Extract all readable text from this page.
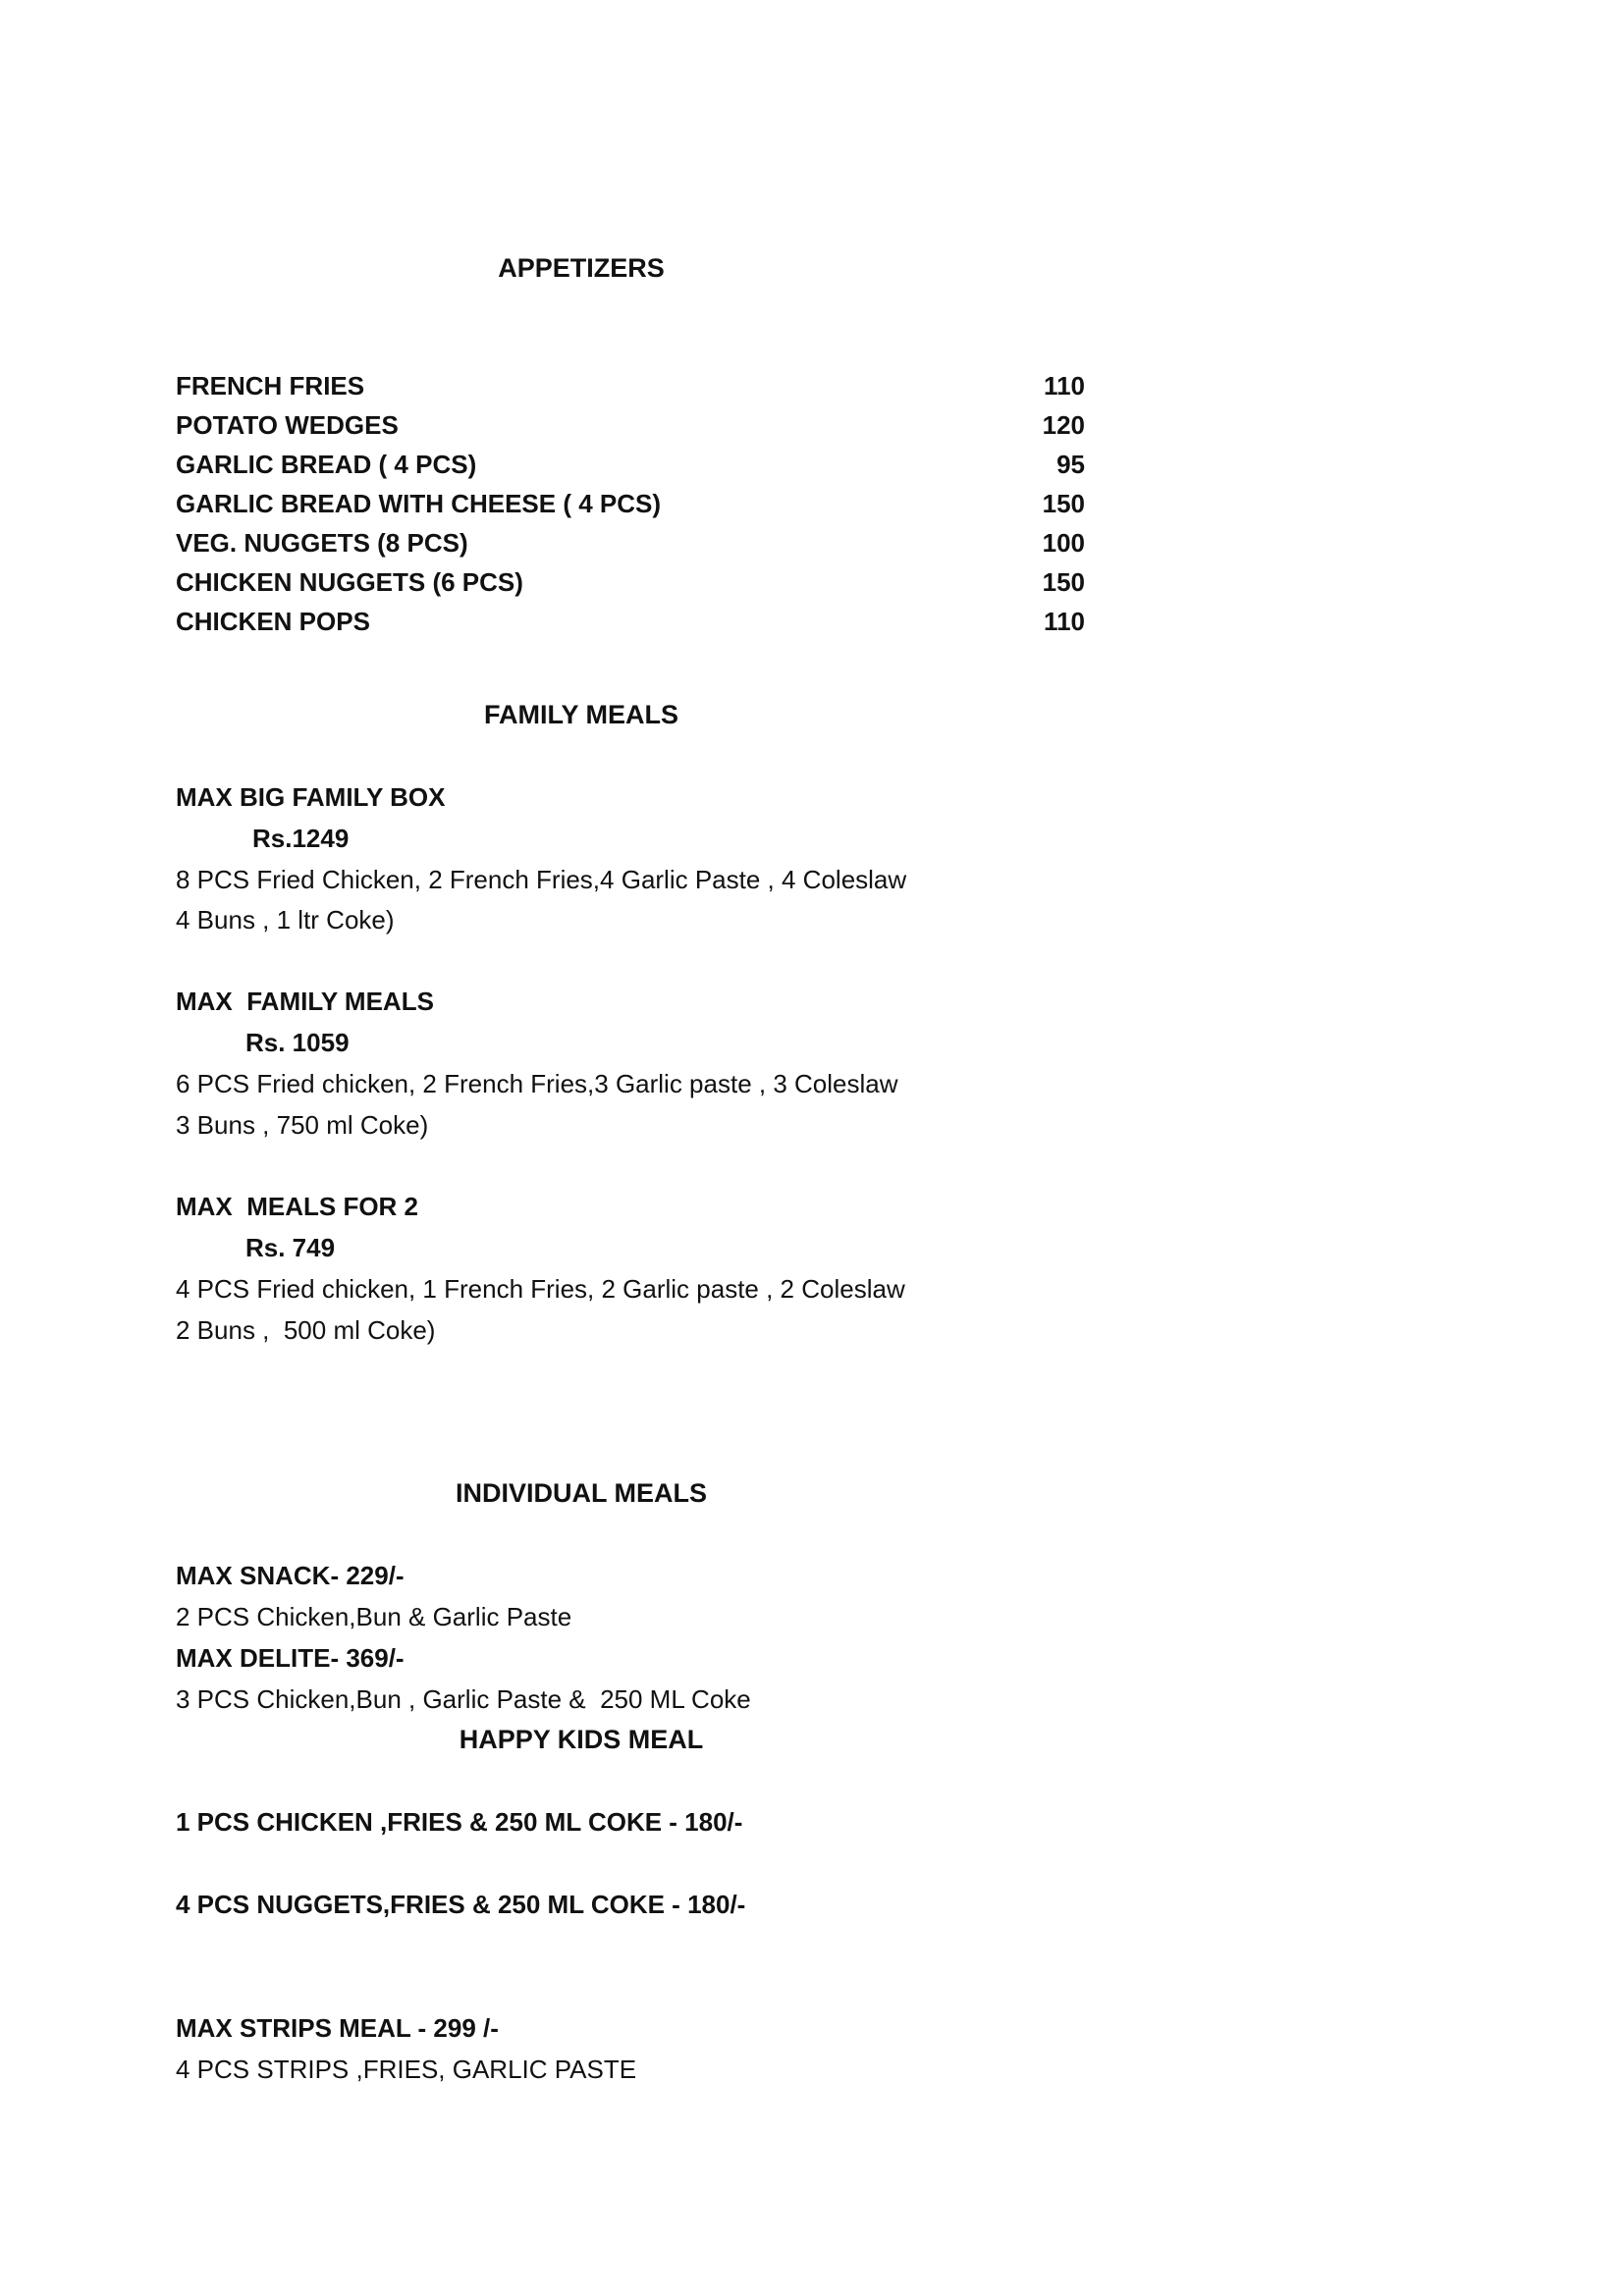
APPETIZERS
FRENCH FRIES	110
POTATO WEDGES	120
GARLIC BREAD ( 4 PCS)	95
GARLIC BREAD WITH CHEESE ( 4 PCS)	150
VEG. NUGGETS (8 PCS)	100
CHICKEN NUGGETS (6 PCS)	150
CHICKEN POPS	110
FAMILY MEALS
MAX BIG FAMILY BOX
Rs.1249
8 PCS Fried Chicken, 2 French Fries,4 Garlic Paste , 4 Coleslaw
4 Buns , 1 ltr Coke)
MAX  FAMILY MEALS
Rs. 1059
6 PCS Fried chicken, 2 French Fries,3 Garlic paste , 3 Coleslaw
3 Buns , 750 ml Coke)
MAX  MEALS FOR 2
Rs. 749
4 PCS Fried chicken, 1 French Fries, 2 Garlic paste , 2 Coleslaw
2 Buns ,  500 ml Coke)
INDIVIDUAL MEALS
MAX SNACK- 229/-
2 PCS Chicken,Bun & Garlic Paste
MAX DELITE- 369/-
3 PCS Chicken,Bun , Garlic Paste &  250 ML Coke
HAPPY KIDS MEAL
1 PCS CHICKEN ,FRIES & 250 ML COKE - 180/-
4 PCS NUGGETS,FRIES & 250 ML COKE - 180/-
MAX STRIPS MEAL - 299 /-
4 PCS STRIPS ,FRIES, GARLIC PASTE
